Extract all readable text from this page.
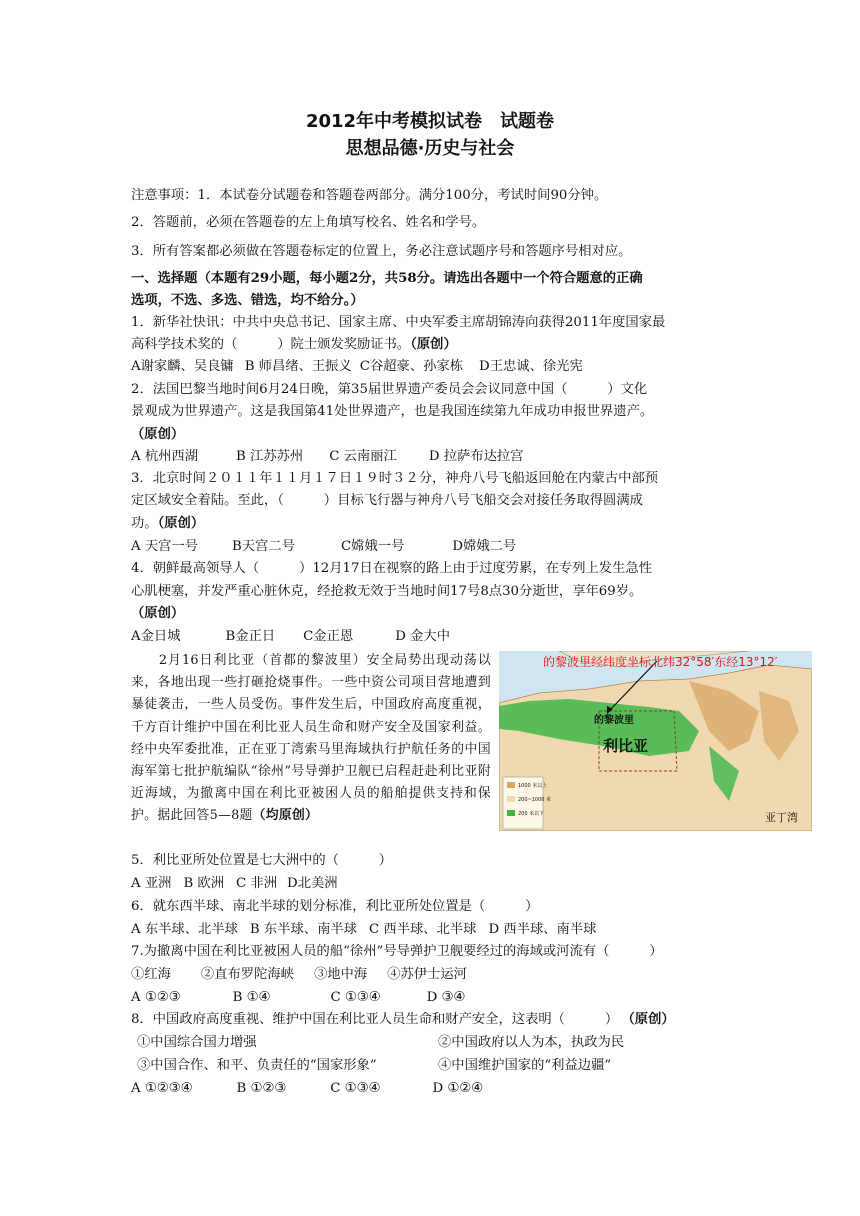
2012年中考模拟试卷　试题卷
思想品德·历史与社会
注意事项：1．本试卷分试题卷和答题卷两部分。满分100分，考试时间90分钟。
2．答题前，必须在答题卷的左上角填写校名、姓名和学号。
3．所有答案都必须做在答题卷标定的位置上，务必注意试题序号和答题序号相对应。
一、选择题（本题有29小题，每小题2分，共58分。请选出各题中一个符合题意的正确
选项，不选、多选、错选，均不给分。）
1．新华社快讯：中共中央总书记、国家主席、中央军委主席胡锦涛向获得2011年度国家最
高科学技术奖的（　　　）院士颁发奖励证书。（原创）
A谢家麟、吴良镛 B 师昌绪、王振义 C谷超豪、孙家栋 D王忠诚、徐光宪
2．法国巴黎当地时间6月24日晚，第35届世界遗产委员会会议同意中国（　　　）文化
景观成为世界遗产。这是我国第41处世界遗产，也是我国连续第九年成功申报世界遗产。
（原创）
A 杭州西湖	B 江苏苏州 C 云南丽江 D 拉萨布达拉宫
3．北京时间２０１１年１１月１７日１９时３２分，神舟八号飞船返回舱在内蒙古中部预
定区域安全着陆。至此，（　　　）目标飞行器与神舟八号飞船交会对接任务取得圆满成
功。（原创）
A 天宫一号	B天宫二号	C嫦娥一号	D嫦娥二号
4．朝鲜最高领导人（　　　）12月17日在视察的路上由于过度劳累，在专列上发生急性
心肌梗塞，并发严重心脏休克，经抢救无效于当地时间17号8点30分逝世，享年69岁。
（原创）
A金日城	B金正日 C金正恩	D 金大中
　　2月16日利比亚（首都的黎波里）安全局势出现动荡以来，各地出现一些打砸抢烧事件。一些中资公司项目营地遭到暴徒袭击，一些人员受伤。事件发生后，中国政府高度重视，千方百计维护中国在利比亚人员生命和财产安全及国家利益。经中央军委批准，正在亚丁湾索马里海域执行护航任务的中国海军第七批护航编队“徐州”号导弹护卫舰已启程赶赴利比亚附近海域，为撤离中国在利比亚被困人员的船舶提供支持和保护。据此回答5—8题（均原创）
的黎波里经纬度坐标北纬32°58′东经13°12′
的黎波里
利比亚
亚丁湾
1000 米以上
200~1000 米
200 米以下
5．利比亚所处位置是七大洲中的（　　　）
A 亚洲 B 欧洲 C 非洲 D北美洲
6．就东西半球、南北半球的划分标准，利比亚所处位置是（　　　）
A 东半球、北半球 B 东半球、南半球 C 西半球、北半球 D 西半球、南半球
7.为撤离中国在利比亚被困人员的船“徐州”号导弹护卫舰要经过的海域或河流有（　　　）
①红海 ②直布罗陀海峡 ③地中海 ④苏伊士运河
A ①②③	B ①④	C ①③④	D ③④
8．中国政府高度重视、维护中国在利比亚人员生命和财产安全，这表明（　　　） （原创）
①中国综合国力增强	②中国政府以人为本，执政为民
③中国合作、和平、负责任的“国家形象”	④中国维护国家的“利益边疆”
A ①②③④	B ①②③	C ①③④	D ①②④
